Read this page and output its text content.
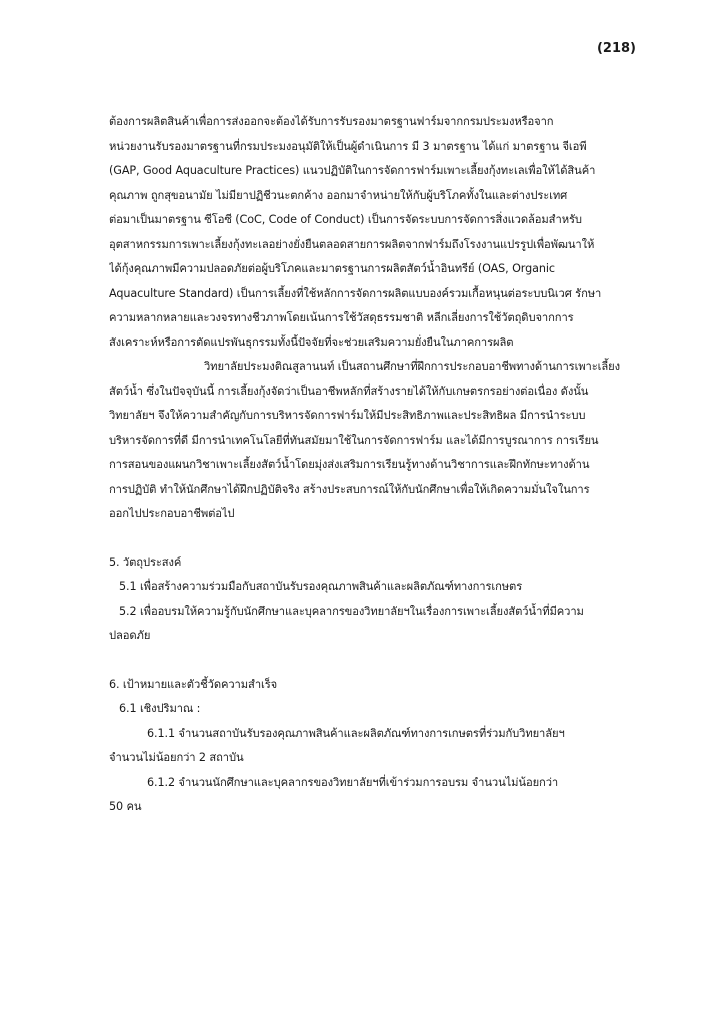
(218)
ต้องการผลิตสินค้าเพื่อการส่งออกจะต้องได้รับการรับรองมาตรฐานฟาร์มจากกรมประมงหรือจาก
หน่วยงานรับรองมาตรฐานที่กรมประมงอนุมัติให้เป็นผู้ดำเนินการ มี 3 มาตรฐาน ได้แก่ มาตรฐาน จีเอพี
(GAP, Good Aquaculture Practices) แนวปฏิบัติในการจัดการฟาร์มเพาะเลี้ยงกุ้งทะเลเพื่อให้ได้สินค้า
คุณภาพ ถูกสุขอนามัย ไม่มียาปฏิชีวนะตกค้าง ออกมาจำหน่ายให้กับผู้บริโภคทั้งในและต่างประเทศ
ต่อมาเป็นมาตรฐาน ซีโอซี (CoC, Code of Conduct) เป็นการจัดระบบการจัดการสิ่งแวดล้อมสำหรับ
อุตสาหกรรมการเพาะเลี้ยงกุ้งทะเลอย่างยั่งยืนตลอดสายการผลิตจากฟาร์มถึงโรงงานแปรรูปเพื่อพัฒนาให้
ได้กุ้งคุณภาพมีความปลอดภัยต่อผู้บริโภคและมาตรฐานการผลิตสัตว์น้ำอินทรีย์ (OAS, Organic
Aquaculture Standard) เป็นการเลี้ยงที่ใช้หลักการจัดการผลิตแบบองค์รวมเกื้อหนุนต่อระบบนิเวศ รักษา
ความหลากหลายและวงจรทางชีวภาพโดยเน้นการใช้วัสดุธรรมชาติ หลีกเลี่ยงการใช้วัตถุดิบจากการ
สังเคราะห์หรือการตัดแปรพันธุกรรมทั้งนี้ปัจจัยที่จะช่วยเสริมความยั่งยืนในภาคการผลิต
วิทยาลัยประมงติณสูลานนท์ เป็นสถานศึกษาที่ฝึกการประกอบอาชีพทางด้านการเพาะเลี้ยง
สัตว์น้ำ ซึ่งในปัจจุบันนี้ การเลี้ยงกุ้งจัดว่าเป็นอาชีพหลักที่สร้างรายได้ให้กับเกษตรกรอย่างต่อเนื่อง ดังนั้น
วิทยาลัยฯ จึงให้ความสำคัญกับการบริหารจัดการฟาร์มให้มีประสิทธิภาพและประสิทธิผล มีการนำระบบ
บริหารจัดการที่ดี มีการนำเทคโนโลยีที่ทันสมัยมาใช้ในการจัดการฟาร์ม และได้มีการบูรณาการ การเรียน
การสอนของแผนกวิชาเพาะเลี้ยงสัตว์น้ำโดยมุ่งส่งเสริมการเรียนรู้ทางด้านวิชาการและฝึกทักษะทางด้าน
การปฏิบัติ ทำให้นักศึกษาได้ฝึกปฏิบัติจริง สร้างประสบการณ์ให้กับนักศึกษาเพื่อให้เกิดความมั่นใจในการ
ออกไปประกอบอาชีพต่อไป
5. วัตถุประสงค์
5.1 เพื่อสร้างความร่วมมือกับสถาบันรับรองคุณภาพสินค้าและผลิตภัณฑ์ทางการเกษตร
5.2 เพื่ออบรมให้ความรู้กับนักศึกษาและบุคลากรของวิทยาลัยฯในเรื่องการเพาะเลี้ยงสัตว์น้ำที่มีความ
ปลอดภัย
6. เป้าหมายและตัวชี้วัดความสำเร็จ
6.1 เชิงปริมาณ :
6.1.1 จำนวนสถาบันรับรองคุณภาพสินค้าและผลิตภัณฑ์ทางการเกษตรที่ร่วมกับวิทยาลัยฯ
จำนวนไม่น้อยกว่า 2 สถาบัน
6.1.2 จำนวนนักศึกษาและบุคลากรของวิทยาลัยฯที่เข้าร่วมการอบรม จำนวนไม่น้อยกว่า
50 คน
